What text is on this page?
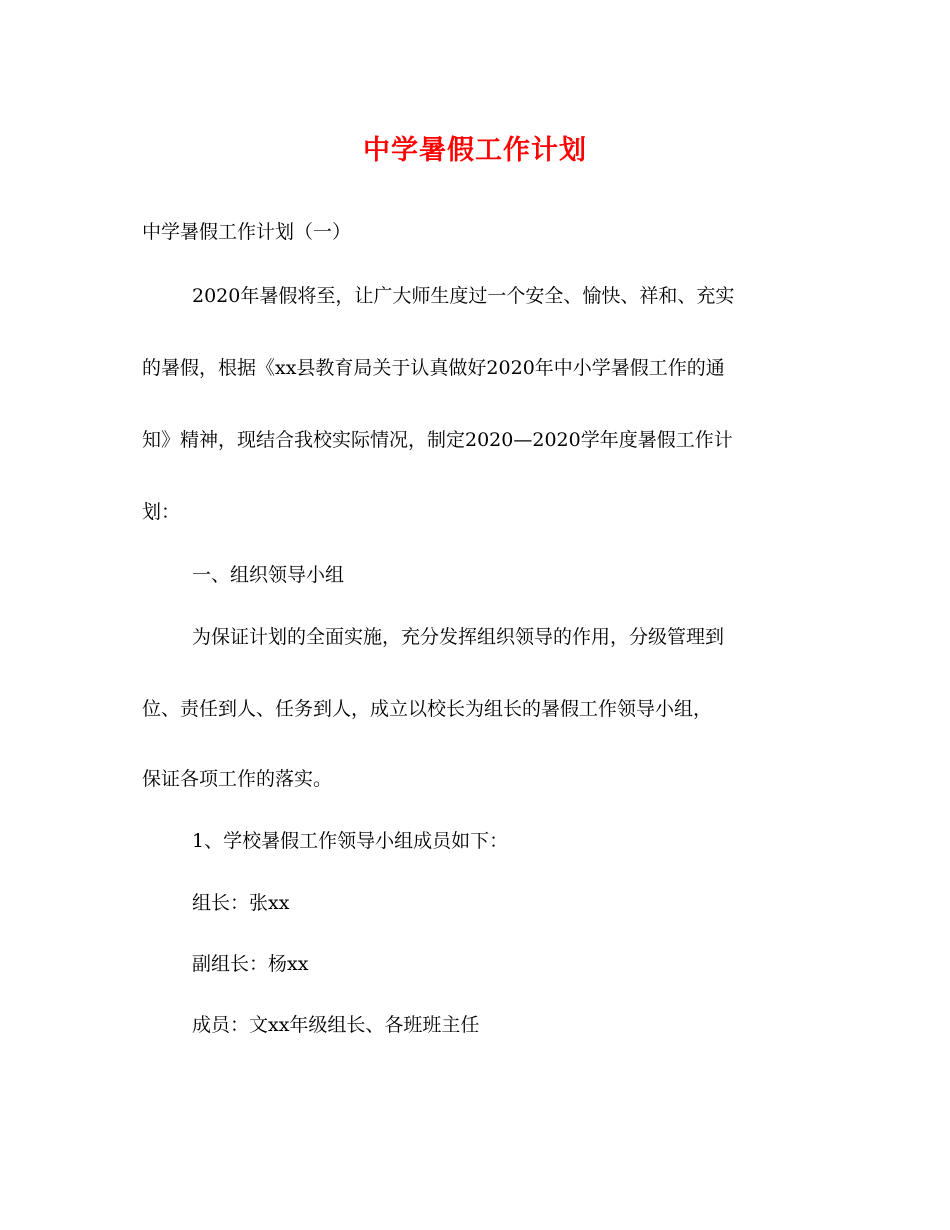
中学暑假工作计划
中学暑假工作计划（一）
2020年暑假将至，让广大师生度过一个安全、愉快、祥和、充实
的暑假，根据《xx县教育局关于认真做好2020年中小学暑假工作的通
知》精神，现结合我校实际情况，制定2020—2020学年度暑假工作计
划：
一、组织领导小组
为保证计划的全面实施，充分发挥组织领导的作用，分级管理到
位、责任到人、任务到人，成立以校长为组长的暑假工作领导小组，
保证各项工作的落实。
1、学校暑假工作领导小组成员如下：
组长：张xx
副组长：杨xx
成员：文xx年级组长、各班班主任
